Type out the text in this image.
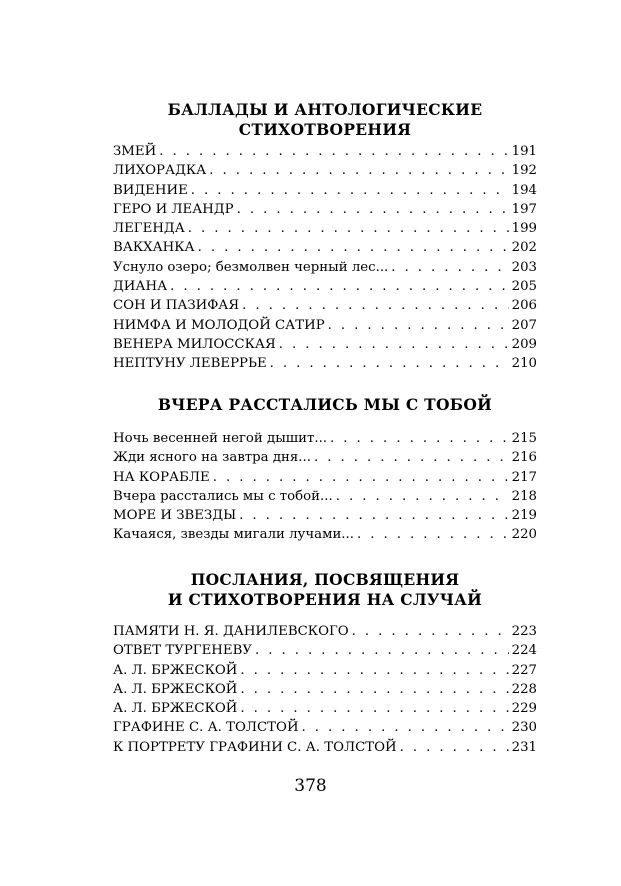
БАЛЛАДЫ И АНТОЛОГИЧЕСКИЕ
СТИХОТВОРЕНИЯ
ЗМЕЙ . . .	191
ЛИХОРАДКА . . .	192
ВИДЕНИЕ . . .	194
ГЕРО И ЛЕАНДР . . .	197
ЛЕГЕНДА . . .	199
ВАКХАНКА . . .	202
Уснуло озеро; безмолвен черный лес... . . .	203
ДИАНА . . .	205
СОН И ПАЗИФАЯ . . .	206
НИМФА И МОЛОДОЙ САТИР . . .	207
ВЕНЕРА МИЛОССКАЯ . . .	209
НЕПТУНУ ЛЕВЕРРЬЕ . . .	210
ВЧЕРА РАССТАЛИСЬ МЫ С ТОБОЙ
Ночь весенней негой дышит... . . .	215
Жди ясного на завтра дня... . . .	216
НА КОРАБЛЕ . . .	217
Вчера расстались мы с тобой... . . .	218
МОРЕ И ЗВЕЗДЫ . . .	219
Качаяся, звезды мигали лучами... . . .	220
ПОСЛАНИЯ, ПОСВЯЩЕНИЯ
И СТИХОТВОРЕНИЯ НА СЛУЧАЙ
ПАМЯТИ Н. Я. ДАНИЛЕВСКОГО . . .	223
ОТВЕТ ТУРГЕНЕВУ . . .	224
А. Л. БРЖЕСКОЙ . . .	227
А. Л. БРЖЕСКОЙ . . .	228
А. Л. БРЖЕСКОЙ . . .	229
ГРАФИНЕ С. А. ТОЛСТОЙ . . .	230
К ПОРТРЕТУ ГРАФИНИ С. А. ТОЛСТОЙ . . .	231
378
